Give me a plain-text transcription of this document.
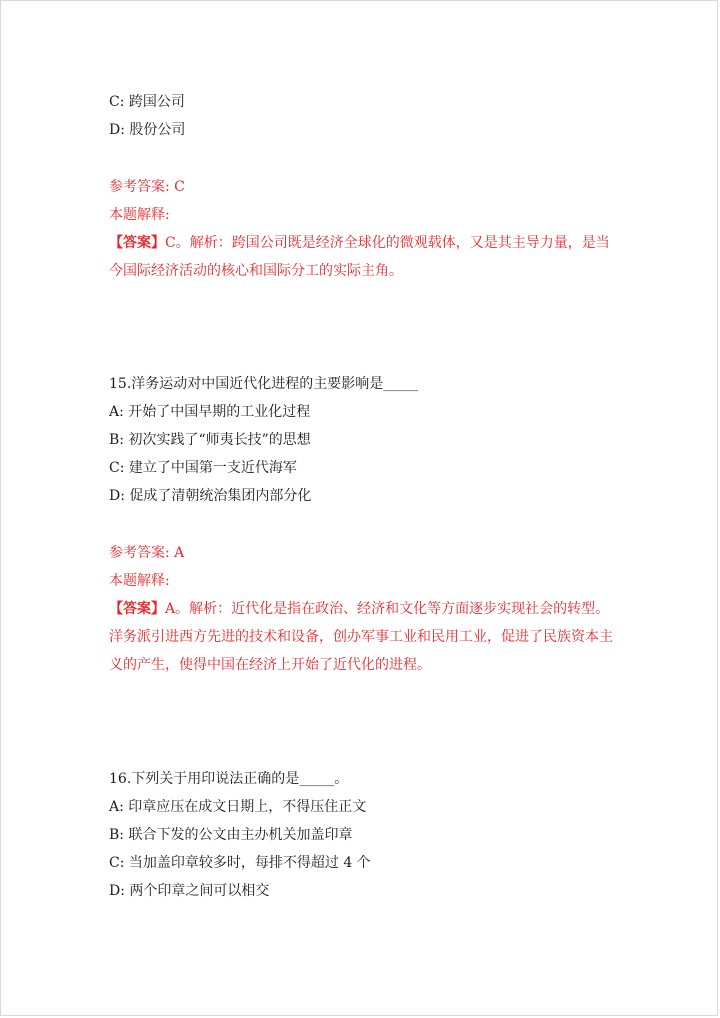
C: 跨国公司
D: 股份公司
参考答案: C
本题解释:
【答案】C。解析：跨国公司既是经济全球化的微观载体，又是其主导力量，是当今国际经济活动的核心和国际分工的实际主角。
15.洋务运动对中国近代化进程的主要影响是_____
A: 开始了中国早期的工业化过程
B: 初次实践了“师夷长技”的思想
C: 建立了中国第一支近代海军
D: 促成了清朝统治集团内部分化
参考答案: A
本题解释:
【答案】A。解析：近代化是指在政治、经济和文化等方面逐步实现社会的转型。洋务派引进西方先进的技术和设备，创办军事工业和民用工业，促进了民族资本主义的产生，使得中国在经济上开始了近代化的进程。
16.下列关于用印说法正确的是_____。
A: 印章应压在成文日期上，不得压住正文
B: 联合下发的公文由主办机关加盖印章
C: 当加盖印章较多时，每排不得超过 4 个
D: 两个印章之间可以相交
